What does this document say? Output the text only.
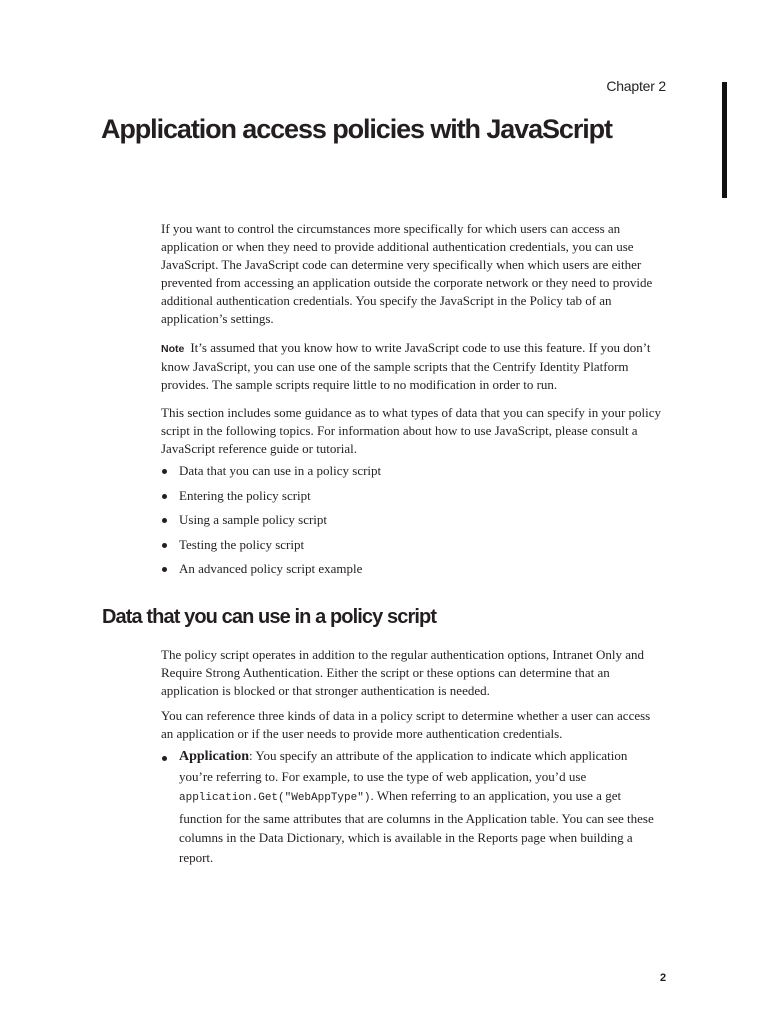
Chapter 2
Application access policies with JavaScript

If you want to control the circumstances more specifically for which users can access an application or when they need to provide additional authentication credentials, you can use JavaScript. The JavaScript code can determine very specifically when which users are either prevented from accessing an application outside the corporate network or they need to provide additional authentication credentials. You specify the JavaScript in the Policy tab of an application’s settings.

Note It’s assumed that you know how to write JavaScript code to use this feature. If you don’t know JavaScript, you can use one of the sample scripts that the Centrify Identity Platform provides. The sample scripts require little to no modification in order to run.

This section includes some guidance as to what types of data that you can specify in your policy script in the following topics. For information about how to use JavaScript, please consult a JavaScript reference guide or tutorial.

Data that you can use in a policy script
Entering the policy script
Using a sample policy script
Testing the policy script
An advanced policy script example
Data that you can use in a policy script

The policy script operates in addition to the regular authentication options, Intranet Only and Require Strong Authentication. Either the script or these options can determine that an application is blocked or that stronger authentication is needed.

You can reference three kinds of data in a policy script to determine whether a user can access an application or if the user needs to provide more authentication credentials.

Application: You specify an attribute of the application to indicate which application you’re referring to. For example, to use the type of web application, you’d use application.Get("WebAppType"). When referring to an application, you use a get function for the same attributes that are columns in the Application table. You can see these columns in the Data Dictionary, which is available in the Reports page when building a report.

2
